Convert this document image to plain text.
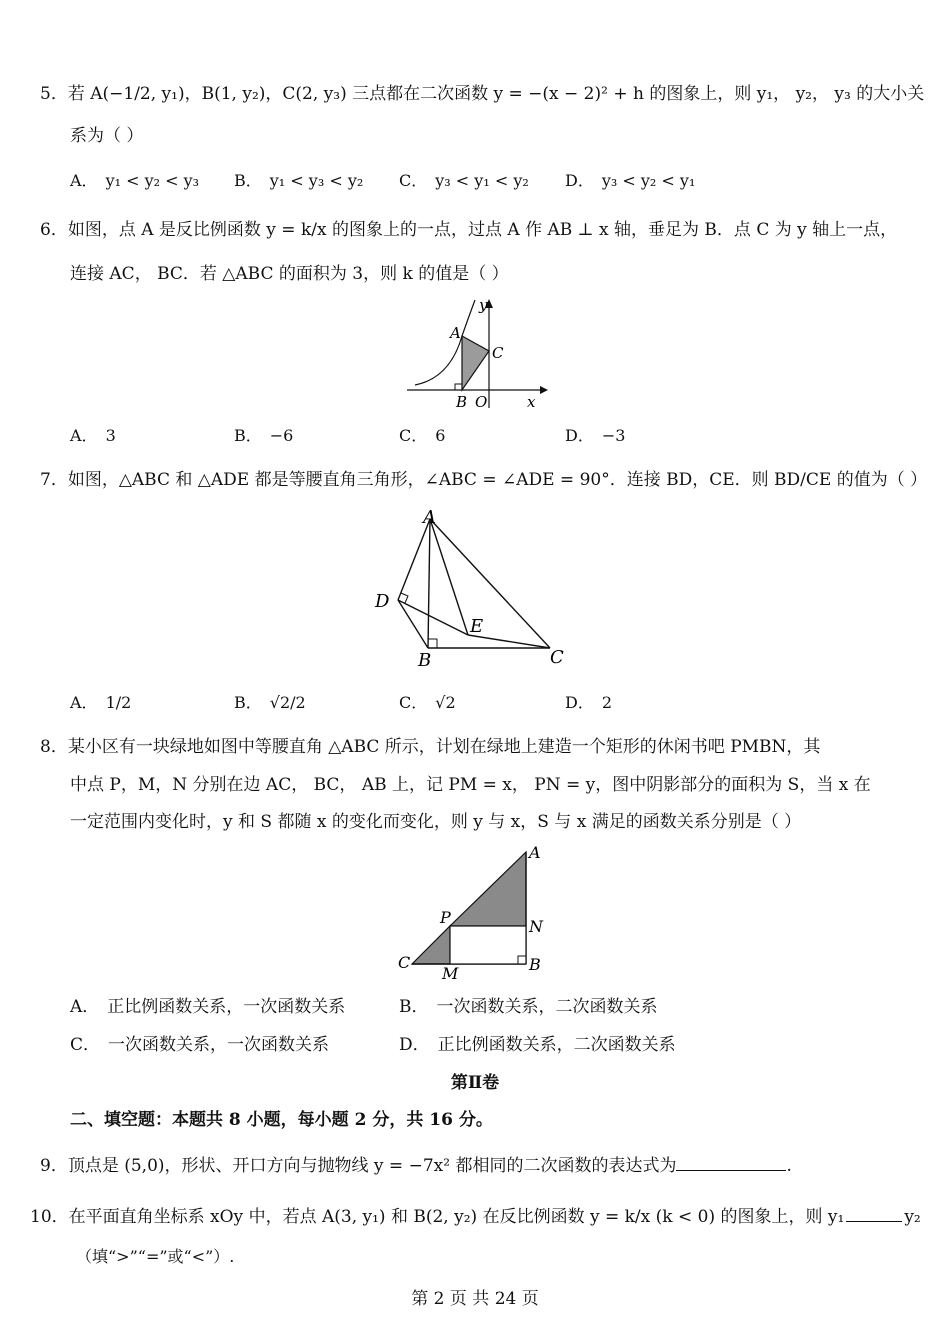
5．若 A(−1/2, y₁)，B(1, y₂)，C(2, y₃) 三点都在二次函数 y = −(x − 2)² + h 的图象上，则 y₁， y₂， y₃ 的大小关
系为（ ）
A． y₁ < y₂ < y₃ B． y₁ < y₃ < y₂ C． y₃ < y₁ < y₂ D． y₃ < y₂ < y₁
6．如图，点 A 是反比例函数 y = k/x 的图象上的一点，过点 A 作 AB ⊥ x 轴，垂足为 B．点 C 为 y 轴上一点，
连接 AC， BC．若 △ABC 的面积为 3，则 k 的值是（ ）
A
C
B O	x
y
A． 3	B． −6	C． 6	D． −3
7．如图，△ABC 和 △ADE 都是等腰直角三角形，∠ABC = ∠ADE = 90°．连接 BD，CE．则 BD/CE 的值为（ ）
A
D
E
B	C
A． 1/2	B． √2/2	C． √2	D． 2
8．某小区有一块绿地如图中等腰直角 △ABC 所示，计划在绿地上建造一个矩形的休闲书吧 PMBN，其
中点 P，M，N 分别在边 AC， BC， AB 上，记 PM = x， PN = y，图中阴影部分的面积为 S，当 x 在
一定范围内变化时，y 和 S 都随 x 的变化而变化，则 y 与 x，S 与 x 满足的函数关系分别是（ ）
A
P	N
C
M	B
A． 正比例函数关系，一次函数关系	B． 一次函数关系，二次函数关系
C． 一次函数关系，一次函数关系	D． 正比例函数关系，二次函数关系
第Ⅱ卷
二、填空题：本题共 8 小题，每小题 2 分，共 16 分。
9．顶点是 (5,0)，形状、开口方向与抛物线 y = −7x² 都相同的二次函数的表达式为	.
10．在平面直角坐标系 xOy 中，若点 A(3, y₁) 和 B(2, y₂) 在反比例函数 y = k/x (k < 0) 的图象上，则 y₁	y₂
（填“>”“=”或“<”）.
第 2 页 共 24 页
